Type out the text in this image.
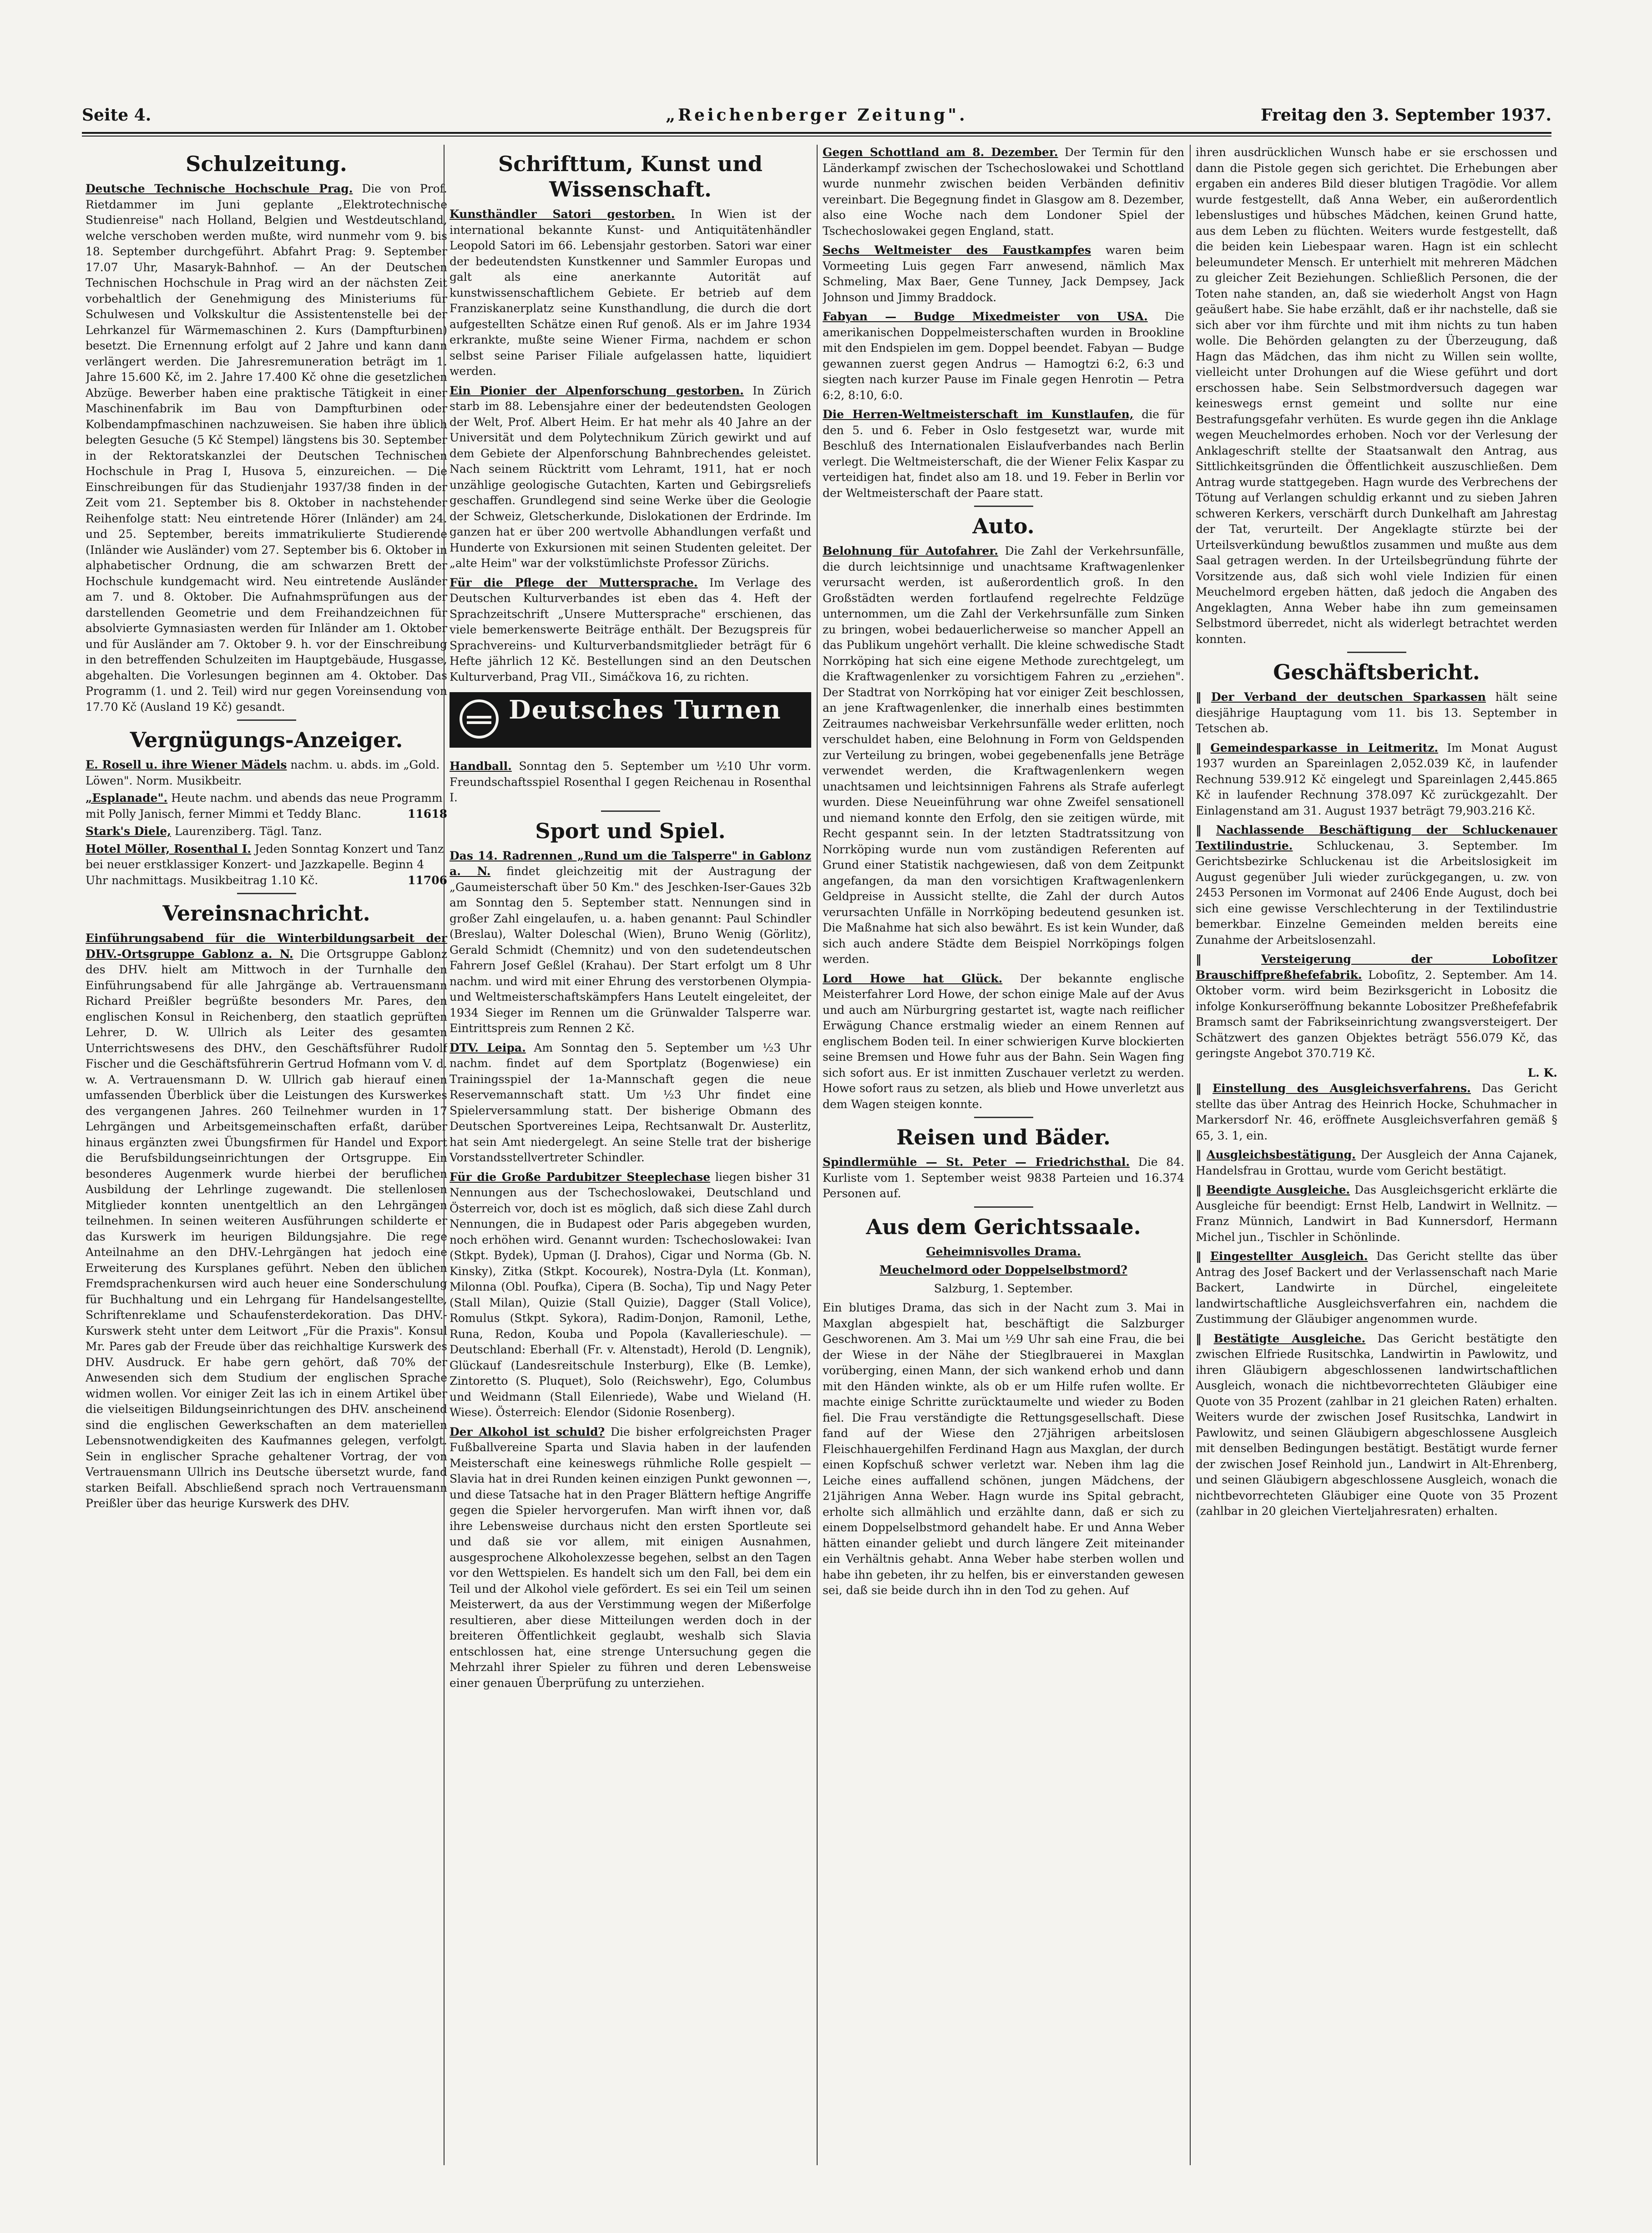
Seite 4.	„Reichenberger Zeitung".	Freitag den 3. September 1937.
Schulzeitung.
Deutsche Technische Hochschule Prag. Die von Prof. Rietdammer im Juni geplante „Elektrotechnische Studienreise" nach Holland, Belgien und Westdeutschland, welche verschoben werden mußte, wird nunmehr vom 9. bis 18. September durchgeführt. Abfahrt Prag: 9. September 17.07 Uhr, Masaryk-Bahnhof. — An der Deutschen Technischen Hochschule in Prag wird an der nächsten Zeit vorbehaltlich der Genehmigung des Ministeriums für Schulwesen und Volkskultur die Assistentenstelle bei der Lehrkanzel für Wärmemaschinen 2. Kurs (Dampfturbinen) besetzt. Die Ernennung erfolgt auf 2 Jahre und kann dann verlängert werden. Die Jahresremuneration beträgt im 1. Jahre 15.600 Kč, im 2. Jahre 17.400 Kč ohne die gesetzlichen Abzüge. Bewerber haben eine praktische Tätigkeit in einer Maschinenfabrik im Bau von Dampfturbinen oder Kolbendampfmaschinen nachzuweisen. Sie haben ihre üblich belegten Gesuche (5 Kč Stempel) längstens bis 30. September in der Rektoratskanzlei der Deutschen Technischen Hochschule in Prag I, Husova 5, einzureichen. — Die Einschreibungen für das Studienjahr 1937/38 finden in der Zeit vom 21. September bis 8. Oktober in nachstehender Reihenfolge statt: Neu eintretende Hörer (Inländer) am 24. und 25. September, bereits immatrikulierte Studierende (Inländer wie Ausländer) vom 27. September bis 6. Oktober in alphabetischer Ordnung, die am schwarzen Brett der Hochschule kundgemacht wird. Neu eintretende Ausländer am 7. und 8. Oktober. Die Aufnahmsprüfungen aus der darstellenden Geometrie und dem Freihandzeichnen für absolvierte Gymnasiasten werden für Inländer am 1. Oktober und für Ausländer am 7. Oktober 9. h. vor der Einschreibung in den betreffenden Schulzeiten im Hauptgebäude, Husgasse, abgehalten. Die Vorlesungen beginnen am 4. Oktober. Das Programm (1. und 2. Teil) wird nur gegen Voreinsendung von 17.70 Kč (Ausland 19 Kč) gesandt.
Vergnügungs-Anzeiger.
E. Rosell u. ihre Wiener Mädels nachm. u. abds. im „Gold. Löwen". Norm. Musikbeitr.
„Esplanade". Heute nachm. und abends das neue Programm mit Polly Janisch, ferner Mimmi et Teddy Blanc.	11618
Stark's Diele, Laurenziberg. Tägl. Tanz.
Hotel Möller, Rosenthal I. Jeden Sonntag Konzert und Tanz bei neuer erstklassiger Konzert- und Jazzkapelle. Beginn 4 Uhr nachmittags. Musikbeitrag 1.10 Kč.	11706
Vereinsnachricht.
Einführungsabend für die Winterbildungsarbeit der DHV.-Ortsgruppe Gablonz a. N. Die Ortsgruppe Gablonz des DHV. hielt am Mittwoch in der Turnhalle den Einführungsabend für alle Jahrgänge ab. Vertrauensmann Richard Preißler begrüßte besonders Mr. Pares, den englischen Konsul in Reichenberg, den staatlich geprüften Lehrer, D. W. Ullrich als Leiter des gesamten Unterrichtswesens des DHV., den Geschäftsführer Rudolf Fischer und die Geschäftsführerin Gertrud Hofmann vom V. d. w. A. Vertrauensmann D. W. Ullrich gab hierauf einen umfassenden Überblick über die Leistungen des Kurswerkes des vergangenen Jahres. 260 Teilnehmer wurden in 17 Lehrgängen und Arbeitsgemeinschaften erfaßt, darüber hinaus ergänzten zwei Übungsfirmen für Handel und Export die Berufsbildungseinrichtungen der Ortsgruppe. Ein besonderes Augenmerk wurde hierbei der beruflichen Ausbildung der Lehrlinge zugewandt. Die stellenlosen Mitglieder konnten unentgeltlich an den Lehrgängen teilnehmen. In seinen weiteren Ausführungen schilderte er das Kurswerk im heurigen Bildungsjahre. Die rege Anteilnahme an den DHV.-Lehrgängen hat jedoch eine Erweiterung des Kursplanes geführt. Neben den üblichen Fremdsprachenkursen wird auch heuer eine Sonderschulung für Buchhaltung und ein Lehrgang für Handelsangestellte, Schriftenreklame und Schaufensterdekoration. Das DHV.-Kurswerk steht unter dem Leitwort „Für die Praxis". Konsul Mr. Pares gab der Freude über das reichhaltige Kurswerk des DHV. Ausdruck. Er habe gern gehört, daß 70% der Anwesenden sich dem Studium der englischen Sprache widmen wollen. Vor einiger Zeit las ich in einem Artikel über die vielseitigen Bildungseinrichtungen des DHV. anscheinend sind die englischen Gewerkschaften an dem materiellen Lebensnotwendigkeiten des Kaufmannes gelegen, verfolgt. Sein in englischer Sprache gehaltener Vortrag, der von Vertrauensmann Ullrich ins Deutsche übersetzt wurde, fand starken Beifall. Abschließend sprach noch Vertrauensmann Preißler über das heurige Kurswerk des DHV.
Schrifttum, Kunst und Wissenschaft.
Kunsthändler Satori gestorben. In Wien ist der international bekannte Kunst- und Antiquitätenhändler Leopold Satori im 66. Lebensjahr gestorben. Satori war einer der bedeutendsten Kunstkenner und Sammler Europas und galt als eine anerkannte Autorität auf kunstwissenschaftlichem Gebiete. Er betrieb auf dem Franziskanerplatz seine Kunsthandlung, die durch die dort aufgestellten Schätze einen Ruf genoß. Als er im Jahre 1934 erkrankte, mußte seine Wiener Firma, nachdem er schon selbst seine Pariser Filiale aufgelassen hatte, liquidiert werden.
Ein Pionier der Alpenforschung gestorben. In Zürich starb im 88. Lebensjahre einer der bedeutendsten Geologen der Welt, Prof. Albert Heim. Er hat mehr als 40 Jahre an der Universität und dem Polytechnikum Zürich gewirkt und auf dem Gebiete der Alpenforschung Bahnbrechendes geleistet. Nach seinem Rücktritt vom Lehramt, 1911, hat er noch unzählige geologische Gutachten, Karten und Gebirgsreliefs geschaffen. Grundlegend sind seine Werke über die Geologie der Schweiz, Gletscherkunde, Dislokationen der Erdrinde. Im ganzen hat er über 200 wertvolle Abhandlungen verfaßt und Hunderte von Exkursionen mit seinen Studenten geleitet. Der „alte Heim" war der volkstümlichste Professor Zürichs.
Für die Pflege der Muttersprache. Im Verlage des Deutschen Kulturverbandes ist eben das 4. Heft der Sprachzeitschrift „Unsere Muttersprache" erschienen, das viele bemerkenswerte Beiträge enthält. Der Bezugspreis für Sprachvereins- und Kulturverbandsmitglieder beträgt für 6 Hefte jährlich 12 Kč. Bestellungen sind an den Deutschen Kulturverband, Prag VII., Simáčkova 16, zu richten.
Deutsches Turnen
Handball. Sonntag den 5. September um ½10 Uhr vorm. Freundschaftsspiel Rosenthal I gegen Reichenau in Rosenthal I.
Sport und Spiel.
Das 14. Radrennen „Rund um die Talsperre" in Gablonz a. N. findet gleichzeitig mit der Austragung der „Gaumeisterschaft über 50 Km." des Jeschken-Iser-Gaues 32b am Sonntag den 5. September statt. Nennungen sind in großer Zahl eingelaufen, u. a. haben genannt: Paul Schindler (Breslau), Walter Doleschal (Wien), Bruno Wenig (Görlitz), Gerald Schmidt (Chemnitz) und von den sudetendeutschen Fahrern Josef Geßlel (Krahau). Der Start erfolgt um 8 Uhr nachm. und wird mit einer Ehrung des verstorbenen Olympia- und Weltmeisterschaftskämpfers Hans Leutelt eingeleitet, der 1934 Sieger im Rennen um die Grünwalder Talsperre war. Eintrittspreis zum Rennen 2 Kč.
DTV. Leipa. Am Sonntag den 5. September um ½3 Uhr nachm. findet auf dem Sportplatz (Bogenwiese) ein Trainingsspiel der 1a-Mannschaft gegen die neue Reservemannschaft statt. Um ½3 Uhr findet eine Spielerversammlung statt. Der bisherige Obmann des Deutschen Sportvereines Leipa, Rechtsanwalt Dr. Austerlitz, hat sein Amt niedergelegt. An seine Stelle trat der bisherige Vorstandsstellvertreter Schindler.
Für die Große Pardubitzer Steeplechase liegen bisher 31 Nennungen aus der Tschechoslowakei, Deutschland und Österreich vor, doch ist es möglich, daß sich diese Zahl durch Nennungen, die in Budapest oder Paris abgegeben wurden, noch erhöhen wird. Genannt wurden: Tschechoslowakei: Ivan (Stkpt. Bydek), Upman (J. Drahos), Cigar und Norma (Gb. N. Kinsky), Zitka (Stkpt. Kocourek), Nostra-Dyla (Lt. Konman), Milonna (Obl. Poufka), Cipera (B. Socha), Tip und Nagy Peter (Stall Milan), Quizie (Stall Quizie), Dagger (Stall Volice), Romulus (Stkpt. Sykora), Radim-Donjon, Ramonil, Lethe, Runa, Redon, Kouba und Popola (Kavallerieschule). — Deutschland: Eberhall (Fr. v. Altenstadt), Herold (D. Lengnik), Glückauf (Landesreitschule Insterburg), Elke (B. Lemke), Zintoretto (S. Pluquet), Solo (Reichswehr), Ego, Columbus und Weidmann (Stall Eilenriede), Wabe und Wieland (H. Wiese). Österreich: Elendor (Sidonie Rosenberg).
Der Alkohol ist schuld? Die bisher erfolgreichsten Prager Fußballvereine Sparta und Slavia haben in der laufenden Meisterschaft eine keineswegs rühmliche Rolle gespielt — Slavia hat in drei Runden keinen einzigen Punkt gewonnen —, und diese Tatsache hat in den Prager Blättern heftige Angriffe gegen die Spieler hervorgerufen. Man wirft ihnen vor, daß ihre Lebensweise durchaus nicht den ersten Sportleute sei und daß sie vor allem, mit einigen Ausnahmen, ausgesprochene Alkoholexzesse begehen, selbst an den Tagen vor den Wettspielen. Es handelt sich um den Fall, bei dem ein Teil und der Alkohol viele gefördert. Es sei ein Teil um seinen Meisterwert, da aus der Verstimmung wegen der Mißerfolge resultieren, aber diese Mitteilungen werden doch in der breiteren Öffentlichkeit geglaubt, weshalb sich Slavia entschlossen hat, eine strenge Untersuchung gegen die Mehrzahl ihrer Spieler zu führen und deren Lebensweise einer genauen Überprüfung zu unterziehen.
Gegen Schottland am 8. Dezember. Der Termin für den Länderkampf zwischen der Tschechoslowakei und Schottland wurde nunmehr zwischen beiden Verbänden definitiv vereinbart. Die Begegnung findet in Glasgow am 8. Dezember, also eine Woche nach dem Londoner Spiel der Tschechoslowakei gegen England, statt.
Sechs Weltmeister des Faustkampfes waren beim Vormeeting Luis gegen Farr anwesend, nämlich Max Schmeling, Max Baer, Gene Tunney, Jack Dempsey, Jack Johnson und Jimmy Braddock.
Fabyan — Budge Mixedmeister von USA. Die amerikanischen Doppelmeisterschaften wurden in Brookline mit den Endspielen im gem. Doppel beendet. Fabyan — Budge gewannen zuerst gegen Andrus — Hamogtzi 6:2, 6:3 und siegten nach kurzer Pause im Finale gegen Henrotin — Petra 6:2, 8:10, 6:0.
Die Herren-Weltmeisterschaft im Kunstlaufen, die für den 5. und 6. Feber in Oslo festgesetzt war, wurde mit Beschluß des Internationalen Eislaufverbandes nach Berlin verlegt. Die Weltmeisterschaft, die der Wiener Felix Kaspar zu verteidigen hat, findet also am 18. und 19. Feber in Berlin vor der Weltmeisterschaft der Paare statt.
Auto.
Belohnung für Autofahrer. Die Zahl der Verkehrsunfälle, die durch leichtsinnige und unachtsame Kraftwagenlenker verursacht werden, ist außerordentlich groß. In den Großstädten werden fortlaufend regelrechte Feldzüge unternommen, um die Zahl der Verkehrsunfälle zum Sinken zu bringen, wobei bedauerlicherweise so mancher Appell an das Publikum ungehört verhallt. Die kleine schwedische Stadt Norrköping hat sich eine eigene Methode zurechtgelegt, um die Kraftwagenlenker zu vorsichtigem Fahren zu „erziehen". Der Stadtrat von Norrköping hat vor einiger Zeit beschlossen, an jene Kraftwagenlenker, die innerhalb eines bestimmten Zeitraumes nachweisbar Verkehrsunfälle weder erlitten, noch verschuldet haben, eine Belohnung in Form von Geldspenden zur Verteilung zu bringen, wobei gegebenenfalls jene Beträge verwendet werden, die Kraftwagenlenkern wegen unachtsamen und leichtsinnigen Fahrens als Strafe auferlegt wurden. Diese Neueinführung war ohne Zweifel sensationell und niemand konnte den Erfolg, den sie zeitigen würde, mit Recht gespannt sein. In der letzten Stadtratssitzung von Norrköping wurde nun vom zuständigen Referenten auf Grund einer Statistik nachgewiesen, daß von dem Zeitpunkt angefangen, da man den vorsichtigen Kraftwagenlenkern Geldpreise in Aussicht stellte, die Zahl der durch Autos verursachten Unfälle in Norrköping bedeutend gesunken ist. Die Maßnahme hat sich also bewährt. Es ist kein Wunder, daß sich auch andere Städte dem Beispiel Norrköpings folgen werden.
Lord Howe hat Glück. Der bekannte englische Meisterfahrer Lord Howe, der schon einige Male auf der Avus und auch am Nürburgring gestartet ist, wagte nach reiflicher Erwägung Chance erstmalig wieder an einem Rennen auf englischem Boden teil. In einer schwierigen Kurve blockierten seine Bremsen und Howe fuhr aus der Bahn. Sein Wagen fing sich sofort aus. Er ist inmitten Zuschauer verletzt zu werden. Howe sofort raus zu setzen, als blieb und Howe unverletzt aus dem Wagen steigen konnte.
Reisen und Bäder.
Spindlermühle — St. Peter — Friedrichsthal. Die 84. Kurliste vom 1. September weist 9838 Parteien und 16.374 Personen auf.
Aus dem Gerichtssaale.
Geheimnisvolles Drama.
Meuchelmord oder Doppelselbstmord?
Salzburg, 1. September.
Ein blutiges Drama, das sich in der Nacht zum 3. Mai in Maxglan abgespielt hat, beschäftigt die Salzburger Geschworenen. Am 3. Mai um ½9 Uhr sah eine Frau, die bei der Wiese in der Nähe der Stieglbrauerei in Maxglan vorüberging, einen Mann, der sich wankend erhob und dann mit den Händen winkte, als ob er um Hilfe rufen wollte. Er machte einige Schritte zurücktaumelte und wieder zu Boden fiel. Die Frau verständigte die Rettungsgesellschaft. Diese fand auf der Wiese den 27jährigen arbeitslosen Fleischhauergehilfen Ferdinand Hagn aus Maxglan, der durch einen Kopfschuß schwer verletzt war. Neben ihm lag die Leiche eines auffallend schönen, jungen Mädchens, der 21jährigen Anna Weber. Hagn wurde ins Spital gebracht, erholte sich allmählich und erzählte dann, daß er sich zu einem Doppelselbstmord gehandelt habe. Er und Anna Weber hätten einander geliebt und durch längere Zeit miteinander ein Verhältnis gehabt. Anna Weber habe sterben wollen und habe ihn gebeten, ihr zu helfen, bis er einverstanden gewesen sei, daß sie beide durch ihn in den Tod zu gehen. Auf
ihren ausdrücklichen Wunsch habe er sie erschossen und dann die Pistole gegen sich gerichtet. Die Erhebungen aber ergaben ein anderes Bild dieser blutigen Tragödie. Vor allem wurde festgestellt, daß Anna Weber, ein außerordentlich lebenslustiges und hübsches Mädchen, keinen Grund hatte, aus dem Leben zu flüchten. Weiters wurde festgestellt, daß die beiden kein Liebespaar waren. Hagn ist ein schlecht beleumundeter Mensch. Er unterhielt mit mehreren Mädchen zu gleicher Zeit Beziehungen. Schließlich Personen, die der Toten nahe standen, an, daß sie wiederholt Angst von Hagn geäußert habe. Sie habe erzählt, daß er ihr nachstelle, daß sie sich aber vor ihm fürchte und mit ihm nichts zu tun haben wolle. Die Behörden gelangten zu der Überzeugung, daß Hagn das Mädchen, das ihm nicht zu Willen sein wollte, vielleicht unter Drohungen auf die Wiese geführt und dort erschossen habe. Sein Selbstmordversuch dagegen war keineswegs ernst gemeint und sollte nur eine Bestrafungsgefahr verhüten. Es wurde gegen ihn die Anklage wegen Meuchelmordes erhoben. Noch vor der Verlesung der Anklageschrift stellte der Staatsanwalt den Antrag, aus Sittlichkeitsgründen die Öffentlichkeit auszuschließen. Dem Antrag wurde stattgegeben. Hagn wurde des Verbrechens der Tötung auf Verlangen schuldig erkannt und zu sieben Jahren schweren Kerkers, verschärft durch Dunkelhaft am Jahrestag der Tat, verurteilt. Der Angeklagte stürzte bei der Urteilsverkündung bewußtlos zusammen und mußte aus dem Saal getragen werden. In der Urteilsbegründung führte der Vorsitzende aus, daß sich wohl viele Indizien für einen Meuchelmord ergeben hätten, daß jedoch die Angaben des Angeklagten, Anna Weber habe ihn zum gemeinsamen Selbstmord überredet, nicht als widerlegt betrachtet werden konnten.
Geschäftsbericht.
‖ Der Verband der deutschen Sparkassen hält seine diesjährige Hauptagung vom 11. bis 13. September in Tetschen ab.
‖ Gemeindesparkasse in Leitmeritz. Im Monat August 1937 wurden an Spareinlagen 2,052.039 Kč, in laufender Rechnung 539.912 Kč eingelegt und Spareinlagen 2,445.865 Kč in laufender Rechnung 378.097 Kč zurückgezahlt. Der Einlagenstand am 31. August 1937 beträgt 79,903.216 Kč.
‖ Nachlassende Beschäftigung der Schluckenauer Textilindustrie. Schluckenau, 3. September. Im Gerichtsbezirke Schluckenau ist die Arbeitslosigkeit im August gegenüber Juli wieder zurückgegangen, u. zw. von 2453 Personen im Vormonat auf 2406 Ende August, doch bei sich eine gewisse Verschlechterung in der Textilindustrie bemerkbar. Einzelne Gemeinden melden bereits eine Zunahme der Arbeitslosenzahl.
‖ Versteigerung der Loboſitzer Brauschiffpreßhefefabrik. Loboſitz, 2. September. Am 14. Oktober vorm. wird beim Bezirksgericht in Lobositz die infolge Konkurseröffnung bekannte Lobositzer Preßhefefabrik Bramsch samt der Fabrikseinrichtung zwangsversteigert. Der Schätzwert des ganzen Objektes beträgt 556.079 Kč, das geringste Angebot 370.719 Kč.
L. K.
‖ Einstellung des Ausgleichsverfahrens. Das Gericht stellte das über Antrag des Heinrich Hocke, Schuhmacher in Markersdorf Nr. 46, eröffnete Ausgleichsverfahren gemäß § 65, 3. 1, ein.
‖ Ausgleichsbestätigung. Der Ausgleich der Anna Cajanek, Handelsfrau in Grottau, wurde vom Gericht bestätigt.
‖ Beendigte Ausgleiche. Das Ausgleichsgericht erklärte die Ausgleiche für beendigt: Ernst Helb, Landwirt in Wellnitz. — Franz Münnich, Landwirt in Bad Kunnersdorf, Hermann Michel jun., Tischler in Schönlinde.
‖ Eingestellter Ausgleich. Das Gericht stellte das über Antrag des Josef Backert und der Verlassenschaft nach Marie Backert, Landwirte in Dürchel, eingeleitete landwirtschaftliche Ausgleichsverfahren ein, nachdem die Zustimmung der Gläubiger angenommen wurde.
‖ Bestätigte Ausgleiche. Das Gericht bestätigte den zwischen Elfriede Rusitschka, Landwirtin in Pawlowitz, und ihren Gläubigern abgeschlossenen landwirtschaftlichen Ausgleich, wonach die nichtbevorrechteten Gläubiger eine Quote von 35 Prozent (zahlbar in 21 gleichen Raten) erhalten. Weiters wurde der zwischen Josef Rusitschka, Landwirt in Pawlowitz, und seinen Gläubigern abgeschlossene Ausgleich mit denselben Bedingungen bestätigt. Bestätigt wurde ferner der zwischen Josef Reinhold jun., Landwirt in Alt-Ehrenberg, und seinen Gläubigern abgeschlossene Ausgleich, wonach die nichtbevorrechteten Gläubiger eine Quote von 35 Prozent (zahlbar in 20 gleichen Vierteljahresraten) erhalten.
